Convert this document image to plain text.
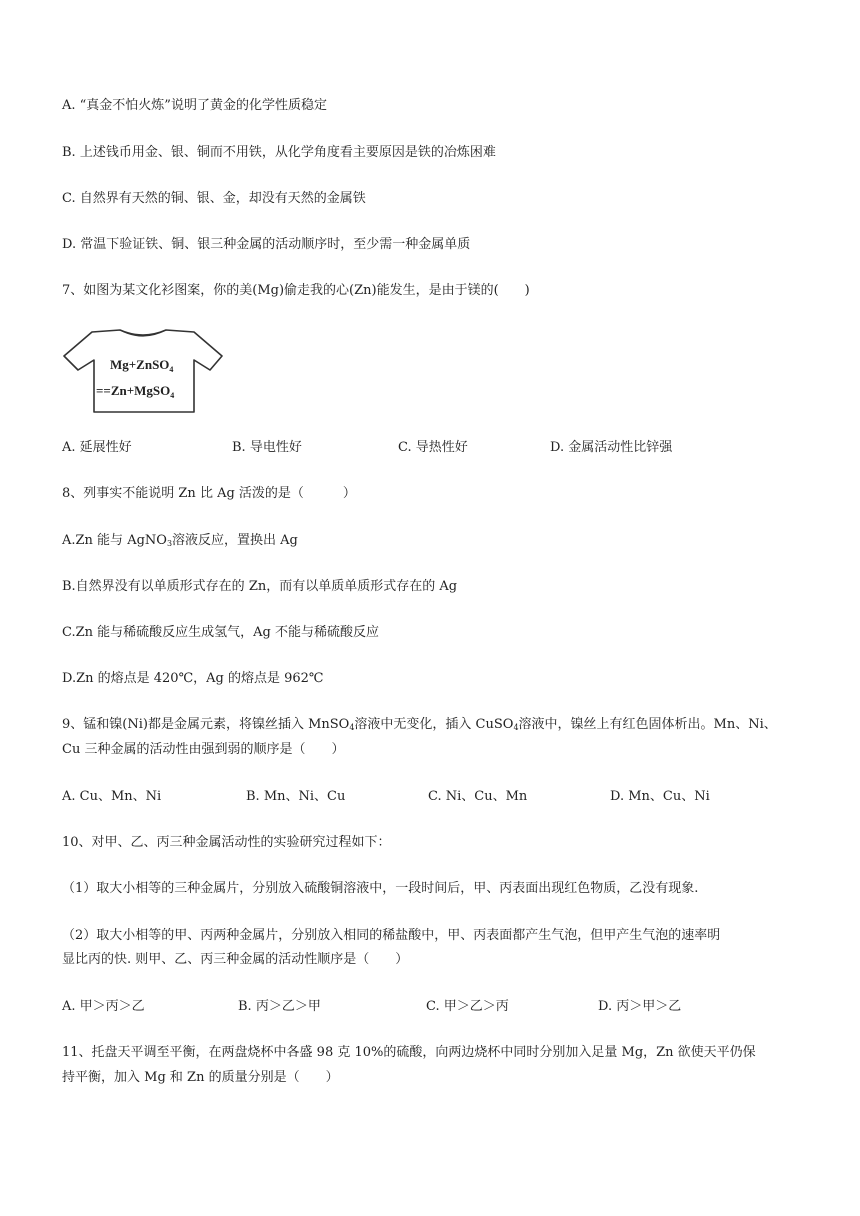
A. “真金不怕火炼”说明了黄金的化学性质稳定
B. 上述钱币用金、银、铜而不用铁，从化学角度看主要原因是铁的冶炼困难
C. 自然界有天然的铜、银、金，却没有天然的金属铁
D. 常温下验证铁、铜、银三种金属的活动顺序时，至少需一种金属单质
7、如图为某文化衫图案，你的美(Mg)偷走我的心(Zn)能发生，是由于镁的(　　)
Mg+ZnSO$_4$
==Zn+MgSO$_4$
A. 延展性好	B. 导电性好	C. 导热性好	D. 金属活动性比锌强
8、列事实不能说明 Zn 比 Ag 活泼的是（　　　）
A.Zn 能与 AgNO$_3$溶液反应，置换出 Ag
B.自然界没有以单质形式存在的 Zn，而有以单质单质形式存在的 Ag
C.Zn 能与稀硫酸反应生成氢气，Ag 不能与稀硫酸反应
D.Zn 的熔点是 420℃，Ag 的熔点是 962℃
9、锰和镍(Ni)都是金属元素，将镍丝插入 MnSO$_4$溶液中无变化，插入 CuSO$_4$溶液中，镍丝上有红色固体析出。Mn、Ni、
Cu 三种金属的活动性由强到弱的顺序是（　　）
A. Cu、Mn、Ni	B. Mn、Ni、Cu	C. Ni、Cu、Mn	D. Mn、Cu、Ni
10、对甲、乙、丙三种金属活动性的实验研究过程如下：
（1）取大小相等的三种金属片，分别放入硫酸铜溶液中，一段时间后，甲、丙表面出现红色物质，乙没有现象.
（2）取大小相等的甲、丙两种金属片，分别放入相同的稀盐酸中，甲、丙表面都产生气泡，但甲产生气泡的速率明
显比丙的快. 则甲、乙、丙三种金属的活动性顺序是（　　）
A. 甲＞丙＞乙	B. 丙＞乙＞甲	C. 甲＞乙＞丙	D. 丙＞甲＞乙
11、托盘天平调至平衡，在两盘烧杯中各盛 98 克 10%的硫酸，向两边烧杯中同时分别加入足量 Mg，Zn 欲使天平仍保
持平衡，加入 Mg 和 Zn 的质量分别是（　　）
